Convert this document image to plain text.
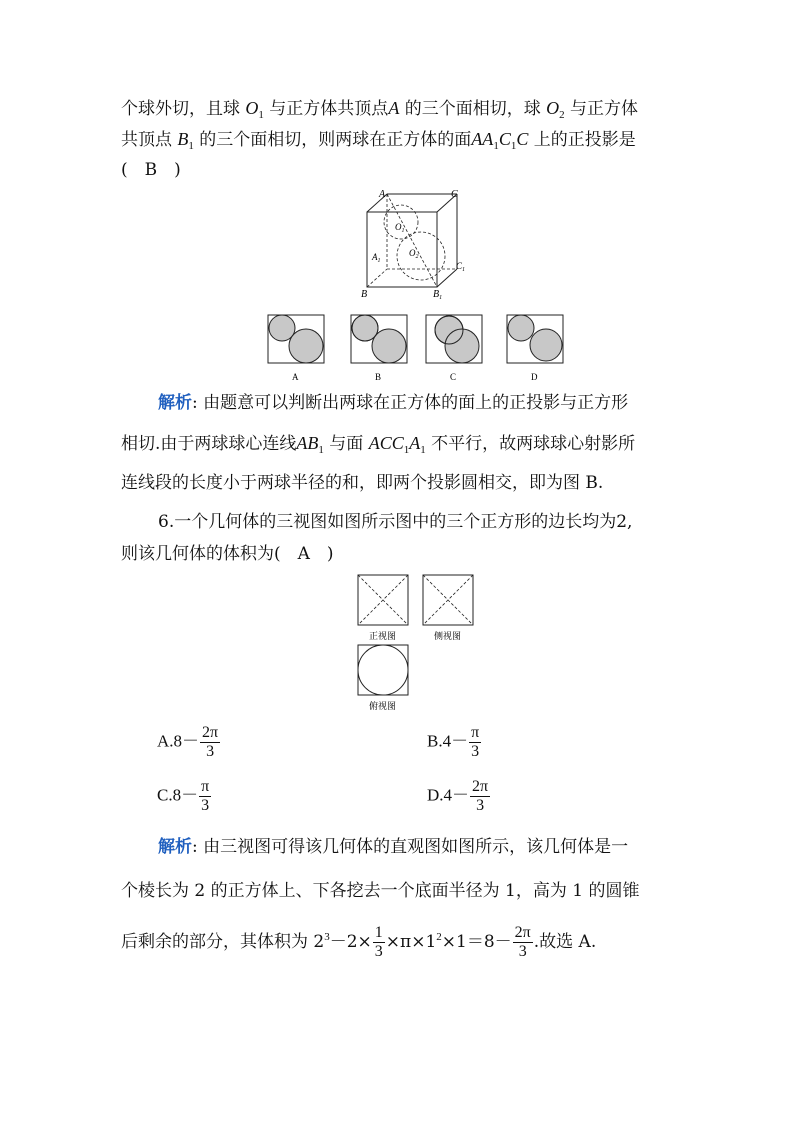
个球外切，且球 $O_1$ 与正方体共顶点A 的三个面相切，球 $O_2$ 与正方体
共顶点 $B_1$ 的三个面相切，则两球在正方体的面$AA_1C_1C$ 上的正投影是
(　B　)
A	C
$O_1$
$O_2$
$A_1$	$C_1$
B	$B_1$
A	B	C	D
解析: 由题意可以判断出两球在正方体的面上的正投影与正方形
相切.由于两球球心连线$AB_1$ 与面 $ACC_1A_1$ 不平行，故两球球心射影所
连线段的长度小于两球半径的和，即两个投影圆相交，即为图 B.
6.一个几何体的三视图如图所示图中的三个正方形的边长均为2,
则该几何体的体积为(　A　)
正视图	侧视图
俯视图
$A.8- \frac{2\pi}{3}$	$B.4- \frac{\pi}{3}$
$C.8- \frac{\pi}{3}$	$D.4- \frac{2\pi}{3}$
解析: 由三视图可得该几何体的直观图如图所示，该几何体是一
个棱长为 2 的正方体上、下各挖去一个底面半径为 1，高为 1 的圆锥
后剩余的部分，其体积为 $2^3-2\times \frac{1}{3} \times\pi\times 1^2\times 1=8- \frac{2\pi}{3}$ .故选 A.
